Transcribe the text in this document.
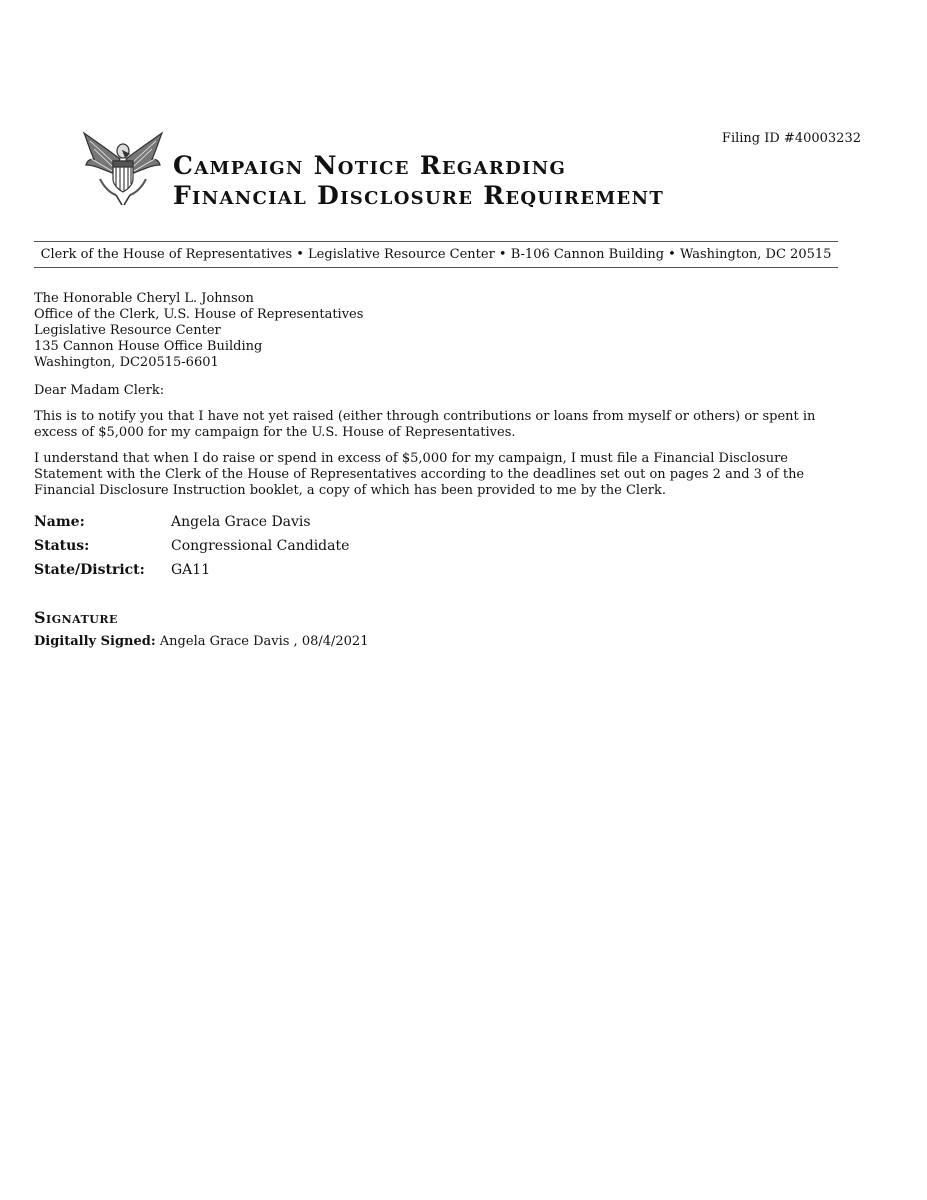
Filing ID #40003232
Campaign Notice Regarding
Financial Disclosure Requirement
Clerk of the House of Representatives • Legislative Resource Center • B-106 Cannon Building • Washington, DC 20515
The Honorable Cheryl L. Johnson
Office of the Clerk, U.S. House of Representatives
Legislative Resource Center
135 Cannon House Office Building
Washington, DC20515-6601
Dear Madam Clerk:
This is to notify you that I have not yet raised (either through contributions or loans from myself or others) or spent in excess of $5,000 for my campaign for the U.S. House of Representatives.
I understand that when I do raise or spend in excess of $5,000 for my campaign, I must file a Financial Disclosure Statement with the Clerk of the House of Representatives according to the deadlines set out on pages 2 and 3 of the Financial Disclosure Instruction booklet, a copy of which has been provided to me by the Clerk.
Name:	Angela Grace Davis
Status:	Congressional Candidate
State/District:	GA11
Signature
Digitally Signed: Angela Grace Davis , 08/4/2021
